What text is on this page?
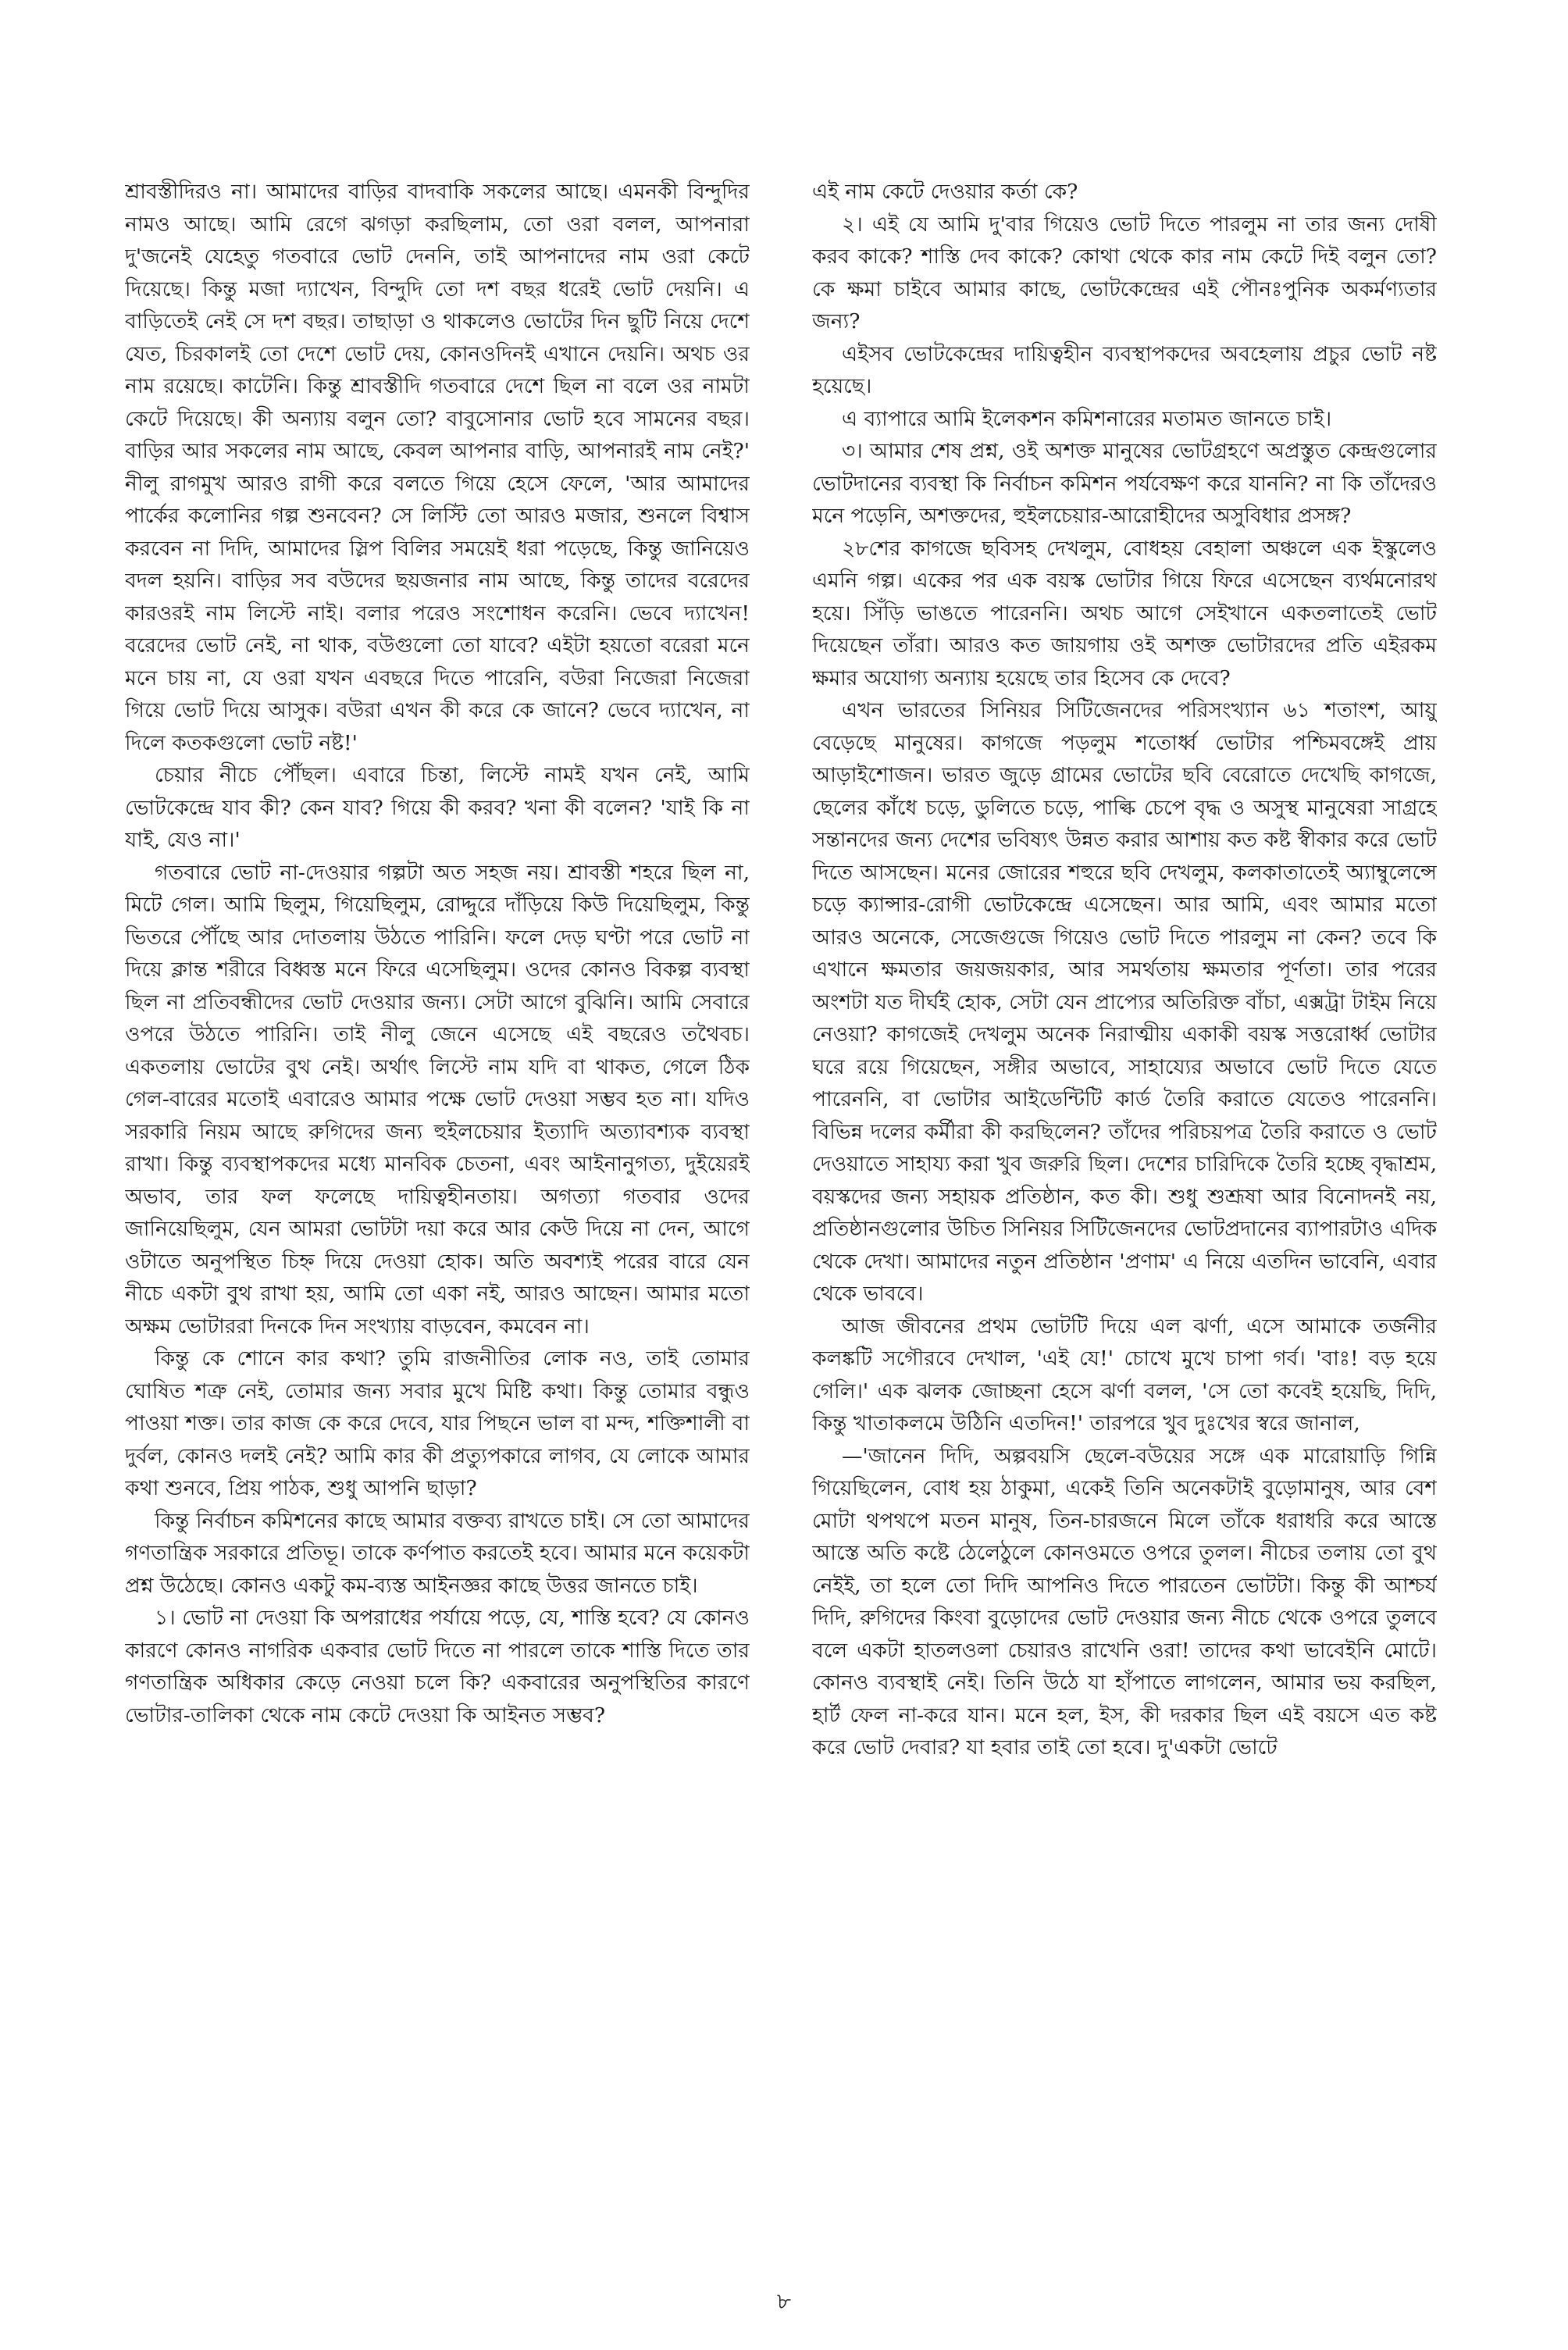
শ্রাবস্তীদিরও না। আমাদের বাড়ির বাদবাকি সকলের আছে। এমনকী বিন্দুদির নামও আছে। আমি রেগে ঝগড়া করছিলাম, তো ওরা বলল, আপনারা দু'জনেই যেহেতু গতবারে ভোট দেননি, তাই আপনাদের নাম ওরা কেটে দিয়েছে। কিন্তু মজা দ্যাখেন, বিন্দুদি তো দশ বছর ধরেই ভোট দেয়নি। এ বাড়িতেই নেই সে দশ বছর। তাছাড়া ও থাকলেও ভোটের দিন ছুটি নিয়ে দেশে যেত, চিরকালই তো দেশে ভোট দেয়, কোনওদিনই এখানে দেয়নি। অথচ ওর নাম রয়েছে। কাটেনি। কিন্তু শ্রাবস্তীদি গতবারে দেশে ছিল না বলে ওর নামটা কেটে দিয়েছে। কী অন্যায় বলুন তো? বাবুসোনার ভোট হবে সামনের বছর। বাড়ির আর সকলের নাম আছে, কেবল আপনার বাড়ি, আপনারই নাম নেই?' নীলু রাগমুখ আরও রাগী করে বলতে গিয়ে হেসে ফেলে, 'আর আমাদের পার্কের কলোনির গল্প শুনবেন? সে লিস্টি তো আরও মজার, শুনলে বিশ্বাস করবেন না দিদি, আমাদের স্লিপ বিলির সময়েই ধরা পড়েছে, কিন্তু জানিয়েও বদল হয়নি। বাড়ির সব বউদের ছয়জনার নাম আছে, কিন্তু তাদের বরেদের কারওরই নাম লিস্টে নাই। বলার পরেও সংশোধন করেনি। ভেবে দ্যাখেন! বরেদের ভোট নেই, না থাক, বউগুলো তো যাবে? এইটা হয়তো বরেরা মনে মনে চায় না, যে ওরা যখন এবছরে দিতে পারেনি, বউরা নিজেরা নিজেরা গিয়ে ভোট দিয়ে আসুক। বউরা এখন কী করে কে জানে? ভেবে দ্যাখেন, না দিলে কতকগুলো ভোট নষ্ট!'

চেয়ার নীচে পৌঁছল। এবারে চিন্তা, লিস্টে নামই যখন নেই, আমি ভোটকেন্দ্রে যাব কী? কেন যাব? গিয়ে কী করব? খনা কী বলেন? 'যাই কি না যাই, যেও না।'

গতবারে ভোট না-দেওয়ার গল্পটা অত সহজ নয়। শ্রাবস্তী শহরে ছিল না, মিটে গেল। আমি ছিলুম, গিয়েছিলুম, রোদ্দুরে দাঁড়িয়ে কিউ দিয়েছিলুম, কিন্তু ভিতরে পৌঁছে আর দোতলায় উঠতে পারিনি। ফলে দেড় ঘণ্টা পরে ভোট না দিয়ে ক্লান্ত শরীরে বিধ্বস্ত মনে ফিরে এসেছিলুম। ওদের কোনও বিকল্প ব্যবস্থা ছিল না প্রতিবন্ধীদের ভোট দেওয়ার জন্য। সেটা আগে বুঝিনি। আমি সেবারে ওপরে উঠতে পারিনি। তাই নীলু জেনে এসেছে এই বছরেও তথৈবচ। একতলায় ভোটের বুথ নেই। অর্থাৎ লিস্টে নাম যদি বা থাকত, গেলে ঠিক গেল-বারের মতোই এবারেও আমার পক্ষে ভোট দেওয়া সম্ভব হত না। যদিও সরকারি নিয়ম আছে রুগিদের জন্য হুইলচেয়ার ইত্যাদি অত্যাবশ্যক ব্যবস্থা রাখা। কিন্তু ব্যবস্থাপকদের মধ্যে মানবিক চেতনা, এবং আইনানুগত্য, দুইয়েরই অভাব, তার ফল ফলেছে দায়িত্বহীনতায়। অগত্যা গতবার ওদের জানিয়েছিলুম, যেন আমরা ভোটটা দয়া করে আর কেউ দিয়ে না দেন, আগে ওটাতে অনুপস্থিত চিহ্ন দিয়ে দেওয়া হোক। অতি অবশ্যই পরের বারে যেন নীচে একটা বুথ রাখা হয়, আমি তো একা নই, আরও আছেন। আমার মতো অক্ষম ভোটাররা দিনকে দিন সংখ্যায় বাড়বেন, কমবেন না।

কিন্তু কে শোনে কার কথা? তুমি রাজনীতির লোক নও, তাই তোমার ঘোষিত শত্রু নেই, তোমার জন্য সবার মুখে মিষ্টি কথা। কিন্তু তোমার বন্ধুও পাওয়া শক্ত। তার কাজ কে করে দেবে, যার পিছনে ভাল বা মন্দ, শক্তিশালী বা দুর্বল, কোনও দলই নেই? আমি কার কী প্রত্যুপকারে লাগব, যে লোকে আমার কথা শুনবে, প্রিয় পাঠক, শুধু আপনি ছাড়া?

কিন্তু নির্বাচন কমিশনের কাছে আমার বক্তব্য রাখতে চাই। সে তো আমাদের গণতান্ত্রিক সরকারে প্রতিভূ। তাকে কর্ণপাত করতেই হবে। আমার মনে কয়েকটা প্রশ্ন উঠেছে। কোনও একটু কম-ব্যস্ত আইনজ্ঞর কাছে উত্তর জানতে চাই।

১। ভোট না দেওয়া কি অপরাধের পর্যায়ে পড়ে, যে, শাস্তি হবে? যে কোনও কারণে কোনও নাগরিক একবার ভোট দিতে না পারলে তাকে শাস্তি দিতে তার গণতান্ত্রিক অধিকার কেড়ে নেওয়া চলে কি? একবারের অনুপস্থিতির কারণে ভোটার-তালিকা থেকে নাম কেটে দেওয়া কি আইনত সম্ভব?

এই নাম কেটে দেওয়ার কর্তা কে?

২। এই যে আমি দু'বার গিয়েও ভোট দিতে পারলুম না তার জন্য দোষী করব কাকে? শাস্তি দেব কাকে? কোথা থেকে কার নাম কেটে দিই বলুন তো? কে ক্ষমা চাইবে আমার কাছে, ভোটকেন্দ্রের এই পৌনঃপুনিক অকর্মণ্যতার জন্য?

এইসব ভোটকেন্দ্রের দায়িত্বহীন ব্যবস্থাপকদের অবহেলায় প্রচুর ভোট নষ্ট হয়েছে।

এ ব্যাপারে আমি ইলেকশন কমিশনারের মতামত জানতে চাই।

৩। আমার শেষ প্রশ্ন, ওই অশক্ত মানুষের ভোটগ্রহণে অপ্রস্তুত কেন্দ্রগুলোর ভোটদানের ব্যবস্থা কি নির্বাচন কমিশন পর্যবেক্ষণ করে যাননি? না কি তাঁদেরও মনে পড়েনি, অশক্তদের, হুইলচেয়ার-আরোহীদের অসুবিধার প্রসঙ্গ?

২৮শের কাগজে ছবিসহ দেখলুম, বোধহয় বেহালা অঞ্চলে এক ইস্কুলেও এমনি গল্প। একের পর এক বয়স্ক ভোটার গিয়ে ফিরে এসেছেন ব্যর্থমনোরথ হয়ে। সিঁড়ি ভাঙতে পারেননি। অথচ আগে সেইখানে একতলাতেই ভোট দিয়েছেন তাঁরা। আরও কত জায়গায় ওই অশক্ত ভোটারদের প্রতি এইরকম ক্ষমার অযোগ্য অন্যায় হয়েছে তার হিসেব কে দেবে?

এখন ভারতের সিনিয়র সিটিজেনদের পরিসংখ্যান ৬১ শতাংশ, আয়ু বেড়েছে মানুষের। কাগজে পড়লুম শতোর্ধ্ব ভোটার পশ্চিমবঙ্গেই প্রায় আড়াইশোজন। ভারত জুড়ে গ্রামের ভোটের ছবি বেরোতে দেখেছি কাগজে, ছেলের কাঁধে চড়ে, ডুলিতে চড়ে, পাল্কি চেপে বৃদ্ধ ও অসুস্থ মানুষেরা সাগ্রহে সন্তানদের জন্য দেশের ভবিষ্যৎ উন্নত করার আশায় কত কষ্ট স্বীকার করে ভোট দিতে আসছেন। মনের জোরের শহুরে ছবি দেখলুম, কলকাতাতেই অ্যাম্বুলেন্সে চড়ে ক্যান্সার-রোগী ভোটকেন্দ্রে এসেছেন। আর আমি, এবং আমার মতো আরও অনেকে, সেজেগুজে গিয়েও ভোট দিতে পারলুম না কেন? তবে কি এখানে ক্ষমতার জয়জয়কার, আর সমর্থতায় ক্ষমতার পূর্ণতা। তার পরের অংশটা যত দীর্ঘই হোক, সেটা যেন প্রাপ্যের অতিরিক্ত বাঁচা, এক্সট্রা টাইম নিয়ে নেওয়া? কাগজেই দেখলুম অনেক নিরাত্মীয় একাকী বয়স্ক সত্তরোর্ধ্ব ভোটার ঘরে রয়ে গিয়েছেন, সঙ্গীর অভাবে, সাহায্যের অভাবে ভোট দিতে যেতে পারেননি, বা ভোটার আইডেন্টিটি কার্ড তৈরি করাতে যেতেও পারেননি। বিভিন্ন দলের কর্মীরা কী করছিলেন? তাঁদের পরিচয়পত্র তৈরি করাতে ও ভোট দেওয়াতে সাহায্য করা খুব জরুরি ছিল। দেশের চারিদিকে তৈরি হচ্ছে বৃদ্ধাশ্রম, বয়স্কদের জন্য সহায়ক প্রতিষ্ঠান, কত কী। শুধু শুশ্রূষা আর বিনোদনই নয়, প্রতিষ্ঠানগুলোর উচিত সিনিয়র সিটিজেনদের ভোটপ্রদানের ব্যাপারটাও এদিক থেকে দেখা। আমাদের নতুন প্রতিষ্ঠান 'প্রণাম' এ নিয়ে এতদিন ভাবেনি, এবার থেকে ভাববে।

আজ জীবনের প্রথম ভোটটি দিয়ে এল ঝর্ণা, এসে আমাকে তর্জনীর কলঙ্কটি সগৌরবে দেখাল, 'এই যে!' চোখে মুখে চাপা গর্ব। 'বাঃ! বড় হয়ে গেলি।' এক ঝলক জোচ্ছনা হেসে ঝর্ণা বলল, 'সে তো কবেই হয়েছি, দিদি, কিন্তু খাতাকলমে উঠিনি এতদিন!' তারপরে খুব দুঃখের স্বরে জানাল,

—'জানেন দিদি, অল্পবয়সি ছেলে-বউয়ের সঙ্গে এক মারোয়াড়ি গিন্নি গিয়েছিলেন, বোধ হয় ঠাকুমা, একেই তিনি অনেকটাই বুড়োমানুষ, আর বেশ মোটা থপথপে মতন মানুষ, তিন-চারজনে মিলে তাঁকে ধরাধরি করে আস্তে আস্তে অতি কষ্টে ঠেলেঠুলে কোনওমতে ওপরে তুলল। নীচের তলায় তো বুথ নেইই, তা হলে তো দিদি আপনিও দিতে পারতেন ভোটটা। কিন্তু কী আশ্চর্য দিদি, রুগিদের কিংবা বুড়োদের ভোট দেওয়ার জন্য নীচে থেকে ওপরে তুলবে বলে একটা হাতলওলা চেয়ারও রাখেনি ওরা! তাদের কথা ভাবেইনি মোটে। কোনও ব্যবস্থাই নেই। তিনি উঠে যা হাঁপাতে লাগলেন, আমার ভয় করছিল, হার্ট ফেল না-করে যান। মনে হল, ইস, কী দরকার ছিল এই বয়সে এত কষ্ট করে ভোট দেবার? যা হবার তাই তো হবে। দু'একটা ভোটে

৮
